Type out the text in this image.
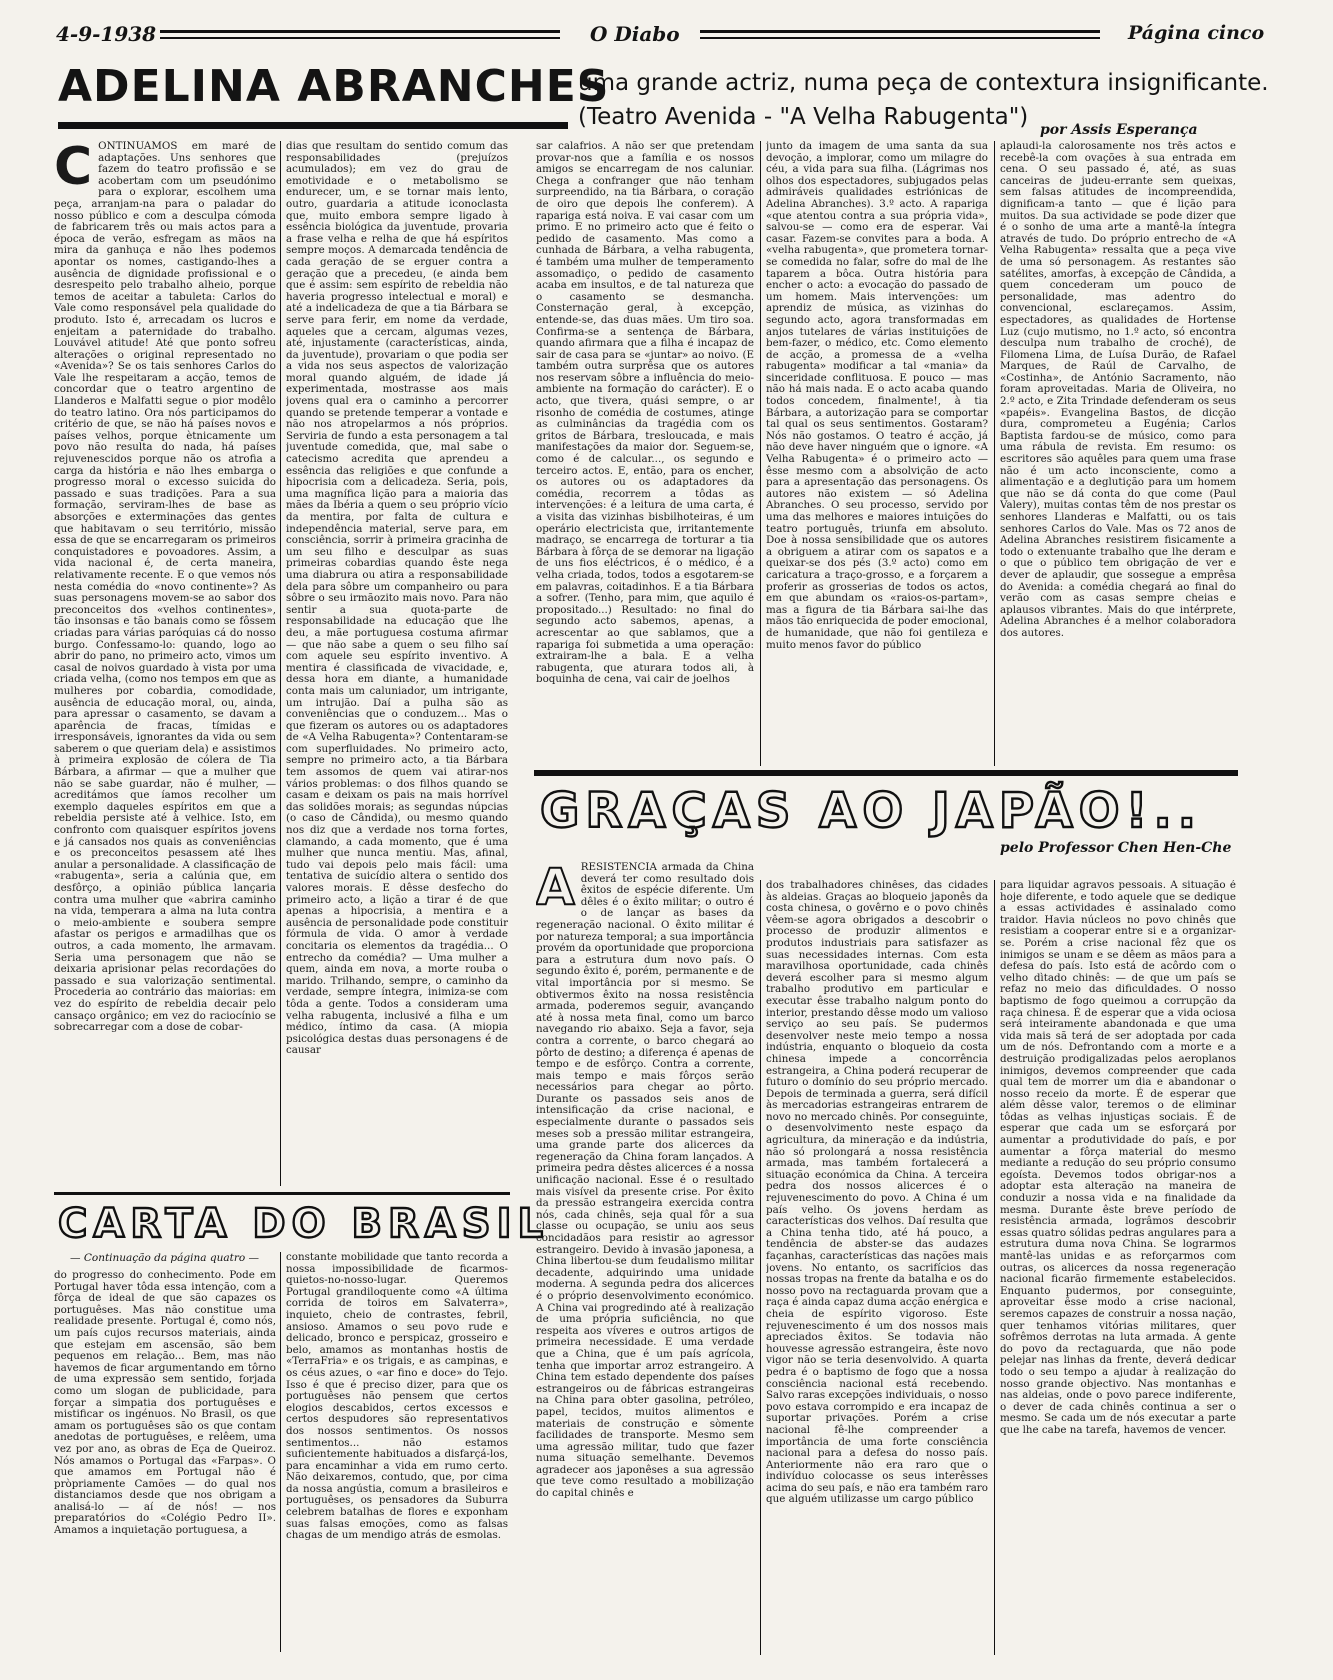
4-9-1938	O Diabo	Página cinco
ADELINA ABRANCHES
uma grande actriz, numa peça de contextura insignificante.
(Teatro Avenida - "A Velha Rabugenta") por Assis Esperança
C ONTINUAMOS em maré de adaptações. Uns senhores que fazem do teatro profissão e se acobertam com um pseudónimo para o explorar, escolhem uma peça, arranjam-na para o paladar do nosso público e com a desculpa cómoda de fabricarem três ou mais actos para a época de verão, esfregam as mãos na mira da ganhuça e não lhes podemos apontar os nomes, castigando-lhes a ausência de dignidade profissional e o desrespeito pelo trabalho alheio, porque temos de aceitar a tabuleta: Carlos do Vale como responsável pela qualidade do produto. Isto é, arrecadam os lucros e enjeitam a paternidade do trabalho. Louvável atitude! Até que ponto sofreu alterações o original representado no «Avenida»? Se os tais senhores Carlos do Vale lhe respeitaram a acção, temos de concordar que o teatro argentino de Llanderos e Malfatti segue o pior modêlo do teatro latino. Ora nós participamos do critério de que, se não há países novos e países velhos, porque ètnicamente um povo não resulta do nada, há países rejuvenescidos porque não os atrofia a carga da história e não lhes embarga o progresso moral o excesso suicida do passado e suas tradições. Para a sua formação, serviram-lhes de base as absorções e exterminações das gentes que habitavam o seu território, missão essa de que se encarregaram os primeiros conquistadores e povoadores. Assim, a vida nacional é, de certa maneira, relativamente recente. E o que vemos nós nesta comédia do «novo continente»? As suas personagens movem-se ao sabor dos preconceitos dos «velhos continentes», tão insonsas e tão banais como se fôssem criadas para várias paróquias cá do nosso burgo. Confessamo-lo: quando, logo ao abrir do pano, no primeiro acto, vimos um casal de noivos guardado à vista por uma criada velha, (como nos tempos em que as mulheres por cobardia, comodidade, ausência de educação moral, ou, ainda, para apressar o casamento, se davam a aparência de fracas, tímidas e irresponsáveis, ignorantes da vida ou sem saberem o que queriam dela) e assistimos à primeira explosão de cólera de Tia Bárbara, a afirmar — que a mulher que não se sabe guardar, não é mulher, — acreditámos que íamos recolher um exemplo daqueles espíritos em que a rebeldia persiste até à velhice. Isto, em confronto com quaisquer espíritos jovens e já cansados nos quais as conveniências e os preconceitos pesassem até lhes anular a personalidade. A classificação de «rabugenta», seria a calúnia que, em desfôrço, a opinião pública lançaria contra uma mulher que «abrira caminho na vida, temperara a alma na luta contra o meio-ambiente e soubera sempre afastar os perigos e armadilhas que os outros, a cada momento, lhe armavam. Seria uma personagem que não se deixaria aprisionar pelas recordações do passado e sua valorização sentimental. Procederia ao contrário das maiorias: em vez do espírito de rebeldia decair pelo cansaço orgânico; em vez do raciocínio se sobrecarregar com a dose de cobar-
dias que resultam do sentido comum das responsabilidades (prejuízos acumulados); em vez do grau de emotividade e o metabolismo se endurecer, um, e se tornar mais lento, outro, guardaria a atitude iconoclasta que, muito embora sempre ligado à essência biológica da juventude, provaria a frase velha e relha de que há espíritos sempre moços. A demarcada tendência de cada geração de se erguer contra a geração que a precedeu, (e ainda bem que é assim: sem espírito de rebeldia não haveria progresso intelectual e moral) e até a indelicadeza de que a tia Bárbara se serve para ferir, em nome da verdade, aqueles que a cercam, algumas vezes, até, injustamente (características, ainda, da juventude), provariam o que podia ser a vida nos seus aspectos de valorização moral quando alguém, de idade já experimentada, mostrasse aos mais jovens qual era o caminho a percorrer quando se pretende temperar a vontade e não nos atropelarmos a nós próprios. Serviria de fundo a esta personagem a tal juventude comedida, que, mal sabe o catecismo acredita que aprendeu a essência das religiões e que confunde a hipocrisia com a delicadeza. Seria, pois, uma magnífica lição para a maioria das mães da Ibéria a quem o seu próprio vício da mentira, por falta de cultura e independência material, serve para, em consciência, sorrir à primeira gracinha de um seu filho e desculpar as suas primeiras cobardias quando êste nega uma diabrura ou atira a responsabilidade dela para sôbre um companheiro ou para sôbre o seu irmãozito mais novo. Para não sentir a sua quota-parte de responsabilidade na educação que lhe deu, a mãe portuguesa costuma afirmar — que não sabe a quem o seu filho saí com aquele seu espírito inventivo. A mentira é classificada de vivacidade, e, dessa hora em diante, a humanidade conta mais um caluniador, um intrigante, um intrujão. Daí a pulha são as conveniências que o conduzem... Mas o que fizeram os autores ou os adaptadores de «A Velha Rabugenta»? Contentaram-se com superfluidades. No primeiro acto, sempre no primeiro acto, a tia Bárbara tem assomos de quem vai atirar-nos vários problemas: o dos filhos quando se casam e deixam os pais na mais horrível das solidões morais; as segundas núpcias (o caso de Cândida), ou mesmo quando nos diz que a verdade nos torna fortes, clamando, a cada momento, que é uma mulher que nunca mentiu. Mas, afinal, tudo vai depois pelo mais fácil: uma tentativa de suicídio altera o sentido dos valores morais. E dêsse desfecho do primeiro acto, a lição a tirar é de que apenas a hipocrisia, a mentira e a ausência de personalidade pode constituir fórmula de vida. O amor à verdade concitaria os elementos da tragédia... O entrecho da comédia? — Uma mulher a quem, ainda em nova, a morte rouba o marido. Trilhando, sempre, o caminho da verdade, sempre íntegra, inimiza-se com tôda a gente. Todos a consideram uma velha rabugenta, inclusivé a filha e um médico, íntimo da casa. (A miopia psicológica destas duas personagens é de causar
sar calafrios. A não ser que pretendam provar-nos que a família e os nossos amigos se encarregam de nos caluniar. Chega a confranger que não tenham surpreendido, na tia Bárbara, o coração de oiro que depois lhe conferem). A rapariga está noiva. E vai casar com um primo. E no primeiro acto que é feito o pedido de casamento. Mas como a cunhada de Bárbara, a velha rabugenta, é também uma mulher de temperamento assomadiço, o pedido de casamento acaba em insultos, e de tal natureza que o casamento se desmancha. Consternação geral, à excepção, entende-se, das duas mães. Um tiro soa. Confirma-se a sentença de Bárbara, quando afirmara que a filha é incapaz de sair de casa para se «juntar» ao noivo. (E também outra surprêsa que os autores nos reservam sôbre a influência do meio-ambiente na formação do carácter). E o acto, que tivera, quási sempre, o ar risonho de comédia de costumes, atinge as culminâncias da tragédia com os gritos de Bárbara, tresloucada, e mais manifestações da maior dor. Seguem-se, como é de calcular..., os segundo e terceiro actos. E, então, para os encher, os autores ou os adaptadores da comédia, recorrem a tôdas as intervenções: é a leitura de uma carta, é a visita das vizinhas bisbilhoteiras, é um operário electricista que, irritantemente madraço, se encarrega de torturar a tia Bárbara à fôrça de se demorar na ligação de uns fios eléctricos, é o médico, é a velha criada, todos, todos a esgotarem-se em palavras, coitadinhos. E a tia Bárbara a sofrer. (Tenho, para mim, que aquilo é propositado...) Resultado: no final do segundo acto sabemos, apenas, a acrescentar ao que sablamos, que a rapariga foi submetida a uma operação: extrairam-lhe a bala. E a velha rabugenta, que aturara todos ali, à boquinha de cena, vai cair de joelhos
junto da imagem de uma santa da sua devoção, a implorar, como um milagre do céu, a vida para sua filha. (Lágrimas nos olhos dos espectadores, subjugados pelas admiráveis qualidades estriónicas de Adelina Abranches). 3.º acto. A rapariga «que atentou contra a sua própria vida», salvou-se — como era de esperar. Vai casar. Fazem-se convites para a boda. A «velha rabugenta», que prometera tornar-se comedida no falar, sofre do mal de lhe taparem a bôca. Outra história para encher o acto: a evocação do passado de um homem. Mais intervenções: um aprendiz de música, as vizinhas do segundo acto, agora transformadas em anjos tutelares de várias instituições de bem-fazer, o médico, etc. Como elemento de acção, a promessa de a «velha rabugenta» modificar a tal «mania» da sinceridade conflituosa. E pouco — mas não há mais nada. E o acto acaba quando todos concedem, finalmente!, à tia Bárbara, a autorização para se comportar tal qual os seus sentimentos. Gostaram? Nós não gostamos. O teatro é acção, já não deve haver ninguém que o ignore. «A Velha Rabugenta» é o primeiro acto — êsse mesmo com a absolvição de acto para a apresentação das personagens. Os autores não existem — só Adelina Abranches. O seu processo, servido por uma das melhores e maiores intuições do teatro português, triunfa em absoluto. Doe à nossa sensibilidade que os autores a obriguem a atirar com os sapatos e a queixar-se dos pés (3.º acto) como em caricatura a traço-grosso, e a forçarem a proferir as grosserias de todos os actos, em que abundam os «raios-os-partam», mas a figura de tia Bárbara sai-lhe das mãos tão enriquecida de poder emocional, de humanidade, que não foi gentileza e muito menos favor do público
aplaudi-la calorosamente nos três actos e recebê-la com ovações à sua entrada em cena. O seu passado é, até, as suas canceiras de judeu-errante sem queixas, sem falsas atitudes de incompreendida, dignificam-a tanto — que é lição para muitos. Da sua actividade se pode dizer que é o sonho de uma arte a mantê-la íntegra através de tudo. Do próprio entrecho de «A Velha Rabugenta» ressalta que a peça vive de uma só personagem. As restantes são satélites, amorfas, à excepção de Cândida, a quem concederam um pouco de personalidade, mas adentro do convencional, esclareçamos. Assim, espectadores, as qualidades de Hortense Luz (cujo mutismo, no 1.º acto, só encontra desculpa num trabalho de croché), de Filomena Lima, de Luísa Durão, de Rafael Marques, de Raúl de Carvalho, de «Costinha», de António Sacramento, não foram aproveitadas. Maria de Oliveira, no 2.º acto, e Zita Trindade defenderam os seus «papéis». Evangelina Bastos, de dicção dura, comprometeu a Eugénia; Carlos Baptista fardou-se de músico, como para uma rábula de revista. Em resumo: os escritores são aquêles para quem uma frase não é um acto inconsciente, como a alimentação e a deglutição para um homem que não se dá conta do que come (Paul Valery), muitas contas têm de nos prestar os senhores Llanderas e Malfatti, ou os tais senhores Carlos do Vale. Mas os 72 anos de Adelina Abranches resistirem fisicamente a todo o extenuante trabalho que lhe deram e o que o público tem obrigação de ver e dever de aplaudir, que sossegue a emprêsa do Avenida: a comédia chegará ao final do verão com as casas sempre cheias e aplausos vibrantes. Mais do que intérprete, Adelina Abranches é a melhor colaboradora dos autores.
CARTA DO BRASIL
— Continuação da página quatro —
do progresso do conhecimento. Pode em Portugal haver tôda essa intenção, com a fôrça de ideal de que são capazes os portuguêses. Mas não constitue uma realidade presente. Portugal é, como nós, um país cujos recursos materiais, ainda que estejam em ascensão, são bem pequenos em relação... Bem, mas não havemos de ficar argumentando em tôrno de uma expressão sem sentido, forjada como um slogan de publicidade, para forçar a simpatia dos portuguêses e mistificar os ingénuos. No Brasil, os que amam os portuguêses são os que contam anedotas de portuguêses, e relêem, uma vez por ano, as obras de Eça de Queiroz. Nós amamos o Portugal das «Farpas». O que amamos em Portugal não é pròpriamente Camões — do qual nos distanciamos desde que nos obrigam a analisá-lo — aí de nós! — nos preparatórios do «Colégio Pedro II». Amamos a inquietação portuguesa, a
constante mobilidade que tanto recorda a nossa impossibilidade de ficarmos-quietos-no-nosso-lugar. Queremos Portugal grandiloquente como «A última corrida de toiros em Salvaterra», inquieto, cheio de contrastes, febril, ansioso. Amamos o seu povo rude e delicado, bronco e perspicaz, grosseiro e belo, amamos as montanhas hostis de «TerraFria» e os trigais, e as campinas, e os céus azues, o «ar fino e doce» do Tejo. Isso é que é preciso dizer, para que os portuguêses não pensem que certos elogios descabidos, certos excessos e certos despudores são representativos dos nossos sentimentos. Os nossos sentimentos... não estamos suficientemente habituados a disfarçá-los, para encaminhar a vida em rumo certo. Não deixaremos, contudo, que, por cima da nossa angústia, comum a brasileiros e portuguêses, os pensadores da Suburra celebrem batalhas de flores e exponham suas falsas emoções, como as falsas chagas de um mendigo atrás de esmolas.
GRAÇAS AO JAPÃO!..
pelo Professor Chen Hen-Che
A RESISTÊNCIA armada da China deverá ter como resultado dois êxitos de espécie diferente. Um dêles é o êxito militar; o outro é o de lançar as bases da regeneração nacional. O êxito militar é por natureza temporal; a sua importância provém da oportunidade que proporciona para a estrutura dum novo país. O segundo êxito é, porém, permanente e de vital importância por si mesmo. Se obtivermos êxito na nossa resistência armada, poderemos seguir, avançando até à nossa meta final, como um barco navegando rio abaixo. Seja a favor, seja contra a corrente, o barco chegará ao pôrto de destino; a diferença é apenas de tempo e de esfôrço. Contra a corrente, mais tempo e mais fôrços serão necessários para chegar ao pôrto. Durante os passados seis anos de intensificação da crise nacional, e especialmente durante o passados seis meses sob a pressão militar estrangeira, uma grande parte dos alicerces da regeneração da China foram lançados. A primeira pedra dêstes alicerces é a nossa unificação nacional. Esse é o resultado mais visível da presente crise. Por êxito da pressão estrangeira exercida contra nós, cada chinês, seja qual fôr a sua classe ou ocupação, se uniu aos seus concidadãos para resistir ao agressor estrangeiro. Devido à invasão japonesa, a China libertou-se dum feudalismo militar decadente, adquirindo uma unidade moderna. A segunda pedra dos alicerces é o próprio desenvolvimento económico. A China vai progredindo até à realização de uma própria suficiência, no que respeita aos víveres e outros artigos de primeira necessidade. E uma verdade que a China, que é um país agrícola, tenha que importar arroz estrangeiro. A China tem estado dependente dos países estrangeiros ou de fábricas estrangeiras na China para obter gasolina, petróleo, papel, tecidos, muitos alimentos e materiais de construção e sòmente facilidades de transporte. Mesmo sem uma agressão militar, tudo que fazer numa situação semelhante. Devemos agradecer aos japonêses a sua agressão que teve como resultado a mobilização do capital chinês e
dos trabalhadores chinêses, das cidades às aldeias. Graças ao bloqueio japonês da costa chinesa, o govêrno e o povo chinês vêem-se agora obrigados a descobrir o processo de produzir alimentos e produtos industriais para satisfazer as suas necessidades internas. Com esta maravilhosa oportunidade, cada chinês deverá escolher para si mesmo algum trabalho produtivo em particular e executar êsse trabalho nalgum ponto do interior, prestando dêsse modo um valioso serviço ao seu país. Se pudermos desenvolver neste meio tempo a nossa indústria, enquanto o bloqueio da costa chinesa impede a concorrência estrangeira, a China poderá recuperar de futuro o domínio do seu próprio mercado. Depois de terminada a guerra, será difícil às mercadorias estrangeiras entrarem de novo no mercado chinês. Por conseguinte, o desenvolvimento neste espaço da agricultura, da mineração e da indústria, não só prolongará a nossa resistência armada, mas também fortalecerá a situação económica da China. A terceira pedra dos nossos alicerces é o rejuvenescimento do povo. A China é um país velho. Os jovens herdam as características dos velhos. Daí resulta que a China tenha tido, até há pouco, a tendência de abster-se das audazes façanhas, características das nações mais jovens. No entanto, os sacrifícios das nossas tropas na frente da batalha e os do nosso povo na rectaguarda provam que a raça é ainda capaz duma acção enérgica e cheia de espírito vigoroso. Este rejuvenescimento é um dos nossos mais apreciados êxitos. Se todavia não houvesse agressão estrangeira, êste novo vigor não se teria desenvolvido. A quarta pedra é o baptismo de fogo que a nossa consciência nacional está recebendo. Salvo raras excepções individuais, o nosso povo estava corrompido e era incapaz de suportar privações. Porém a crise nacional fê-lhe compreender a importância de uma forte consciência nacional para a defesa do nosso país. Anteriormente não era raro que o indivíduo colocasse os seus interêsses acima do seu país, e não era também raro que alguém utilizasse um cargo público
para liquidar agravos pessoais. A situação é hoje diferente, e todo aquele que se dedique a essas actividades é assinalado como traidor. Havia núcleos no povo chinês que resistiam a cooperar entre si e a organizar-se. Porém a crise nacional fêz que os inimigos se unam e se dêem as mãos para a defesa do país. Isto está de acôrdo com o velho dìtado chinês: — de que um país se refaz no meio das dificuldades. O nosso baptismo de fogo queimou a corrupção da raça chinesa. É de esperar que a vida ociosa será inteiramente abandonada e que uma vida mais sã terá de ser adoptada por cada um de nós. Defrontando com a morte e a destruição prodigalizadas pelos aeroplanos inimigos, devemos compreender que cada qual tem de morrer um dia e abandonar o nosso receio da morte. É de esperar que além dêsse valor, teremos o de eliminar tôdas as velhas injustiças sociais. É de esperar que cada um se esforçará por aumentar a produtividade do país, e por aumentar a fôrça material do mesmo mediante a redução do seu próprio consumo egoísta. Devemos todos obrigar-nos a adoptar esta alteração na maneira de conduzir a nossa vida e na finalidade da mesma. Durante êste breve período de resistência armada, logrâmos descobrir essas quatro sólidas pedras angulares para a estrutura duma nova China. Se lograrmos mantê-las unidas e as reforçarmos com outras, os alicerces da nossa regeneração nacional ficarão firmemente estabelecidos. Enquanto pudermos, por conseguinte, aproveitar êsse modo a crise nacional, seremos capazes de construir a nossa nação, quer tenhamos vitórias militares, quer sofrêmos derrotas na luta armada. A gente do povo da rectaguarda, que não pode pelejar nas linhas da frente, deverá dedicar todo o seu tempo a ajudar à realização do nosso grande objectivo. Nas montanhas e nas aldeias, onde o povo parece indiferente, o dever de cada chinês continua a ser o mesmo. Se cada um de nós executar a parte que lhe cabe na tarefa, havemos de vencer.
